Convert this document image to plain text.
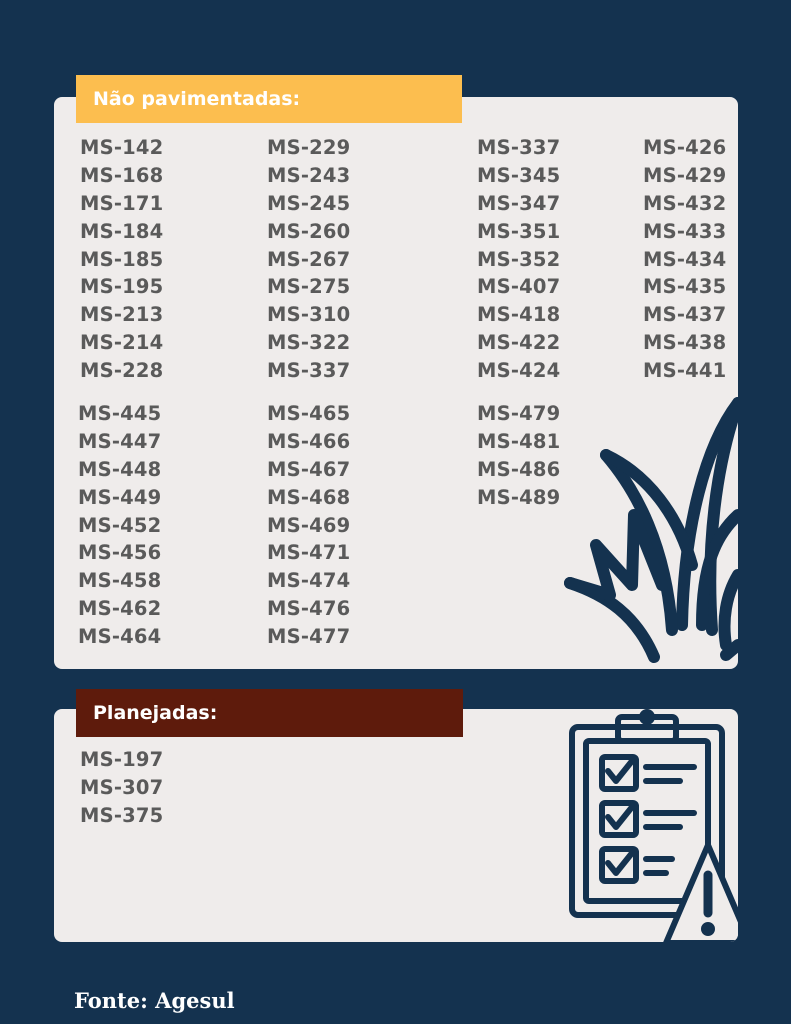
Não pavimentadas:
Planejadas:
MS-142
MS-168
MS-171
MS-184
MS-185
MS-195
MS-213
MS-214
MS-228
MS-229
MS-243
MS-245
MS-260
MS-267
MS-275
MS-310
MS-322
MS-337
MS-337
MS-345
MS-347
MS-351
MS-352
MS-407
MS-418
MS-422
MS-424
MS-426
MS-429
MS-432
MS-433
MS-434
MS-435
MS-437
MS-438
MS-441
MS-445
MS-447
MS-448
MS-449
MS-452
MS-456
MS-458
MS-462
MS-464
MS-465
MS-466
MS-467
MS-468
MS-469
MS-471
MS-474
MS-476
MS-477
MS-479
MS-481
MS-486
MS-489
MS-197
MS-307
MS-375
Fonte: Agesul
